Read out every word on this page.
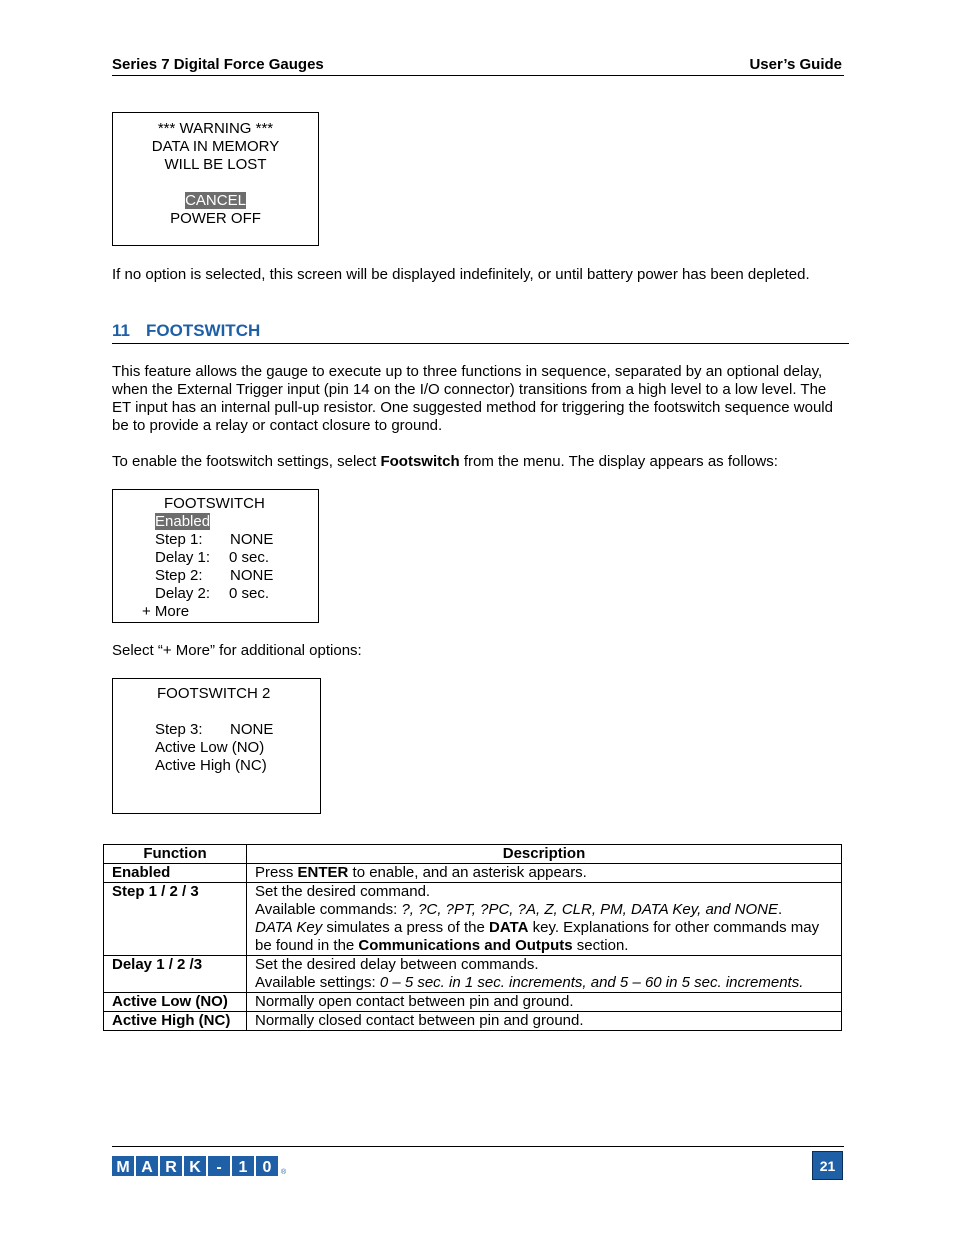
Series 7 Digital Force Gauges	User’s Guide
*** WARNING ***
DATA IN MEMORY
WILL BE LOST
CANCEL
POWER OFF
If no option is selected, this screen will be displayed indefinitely, or until battery power has been depleted.
11 FOOTSWITCH
This feature allows the gauge to execute up to three functions in sequence, separated by an optional delay, when the External Trigger input (pin 14 on the I/O connector) transitions from a high level to a low level. The ET input has an internal pull-up resistor. One suggested method for triggering the footswitch sequence would be to provide a relay or contact closure to ground.
To enable the footswitch settings, select Footswitch from the menu. The display appears as follows:
FOOTSWITCH
Enabled
Step 1: NONE
Delay 1: 0 sec.
Step 2: NONE
Delay 2: 0 sec.
+ More
Select “+ More” for additional options:
FOOTSWITCH 2
Step 3: NONE
Active Low (NO)
Active High (NC)
Function	Description
Enabled	Press ENTER to enable, and an asterisk appears.
Step 1 / 2 / 3	Set the desired command.
Available commands: ?, ?C, ?PT, ?PC, ?A, Z, CLR, PM, DATA Key, and NONE.
DATA Key simulates a press of the DATA key. Explanations for other commands may be found in the Communications and Outputs section.

Delay 1 / 2 /3	Set the desired delay between commands.
Available settings: 0 – 5 sec. in 1 sec. increments, and 5 – 60 in 5 sec. increments.

Active Low (NO)	Normally open contact between pin and ground.
Active High (NC)	Normally closed contact between pin and ground.
M A R K -	1 0	®	21
